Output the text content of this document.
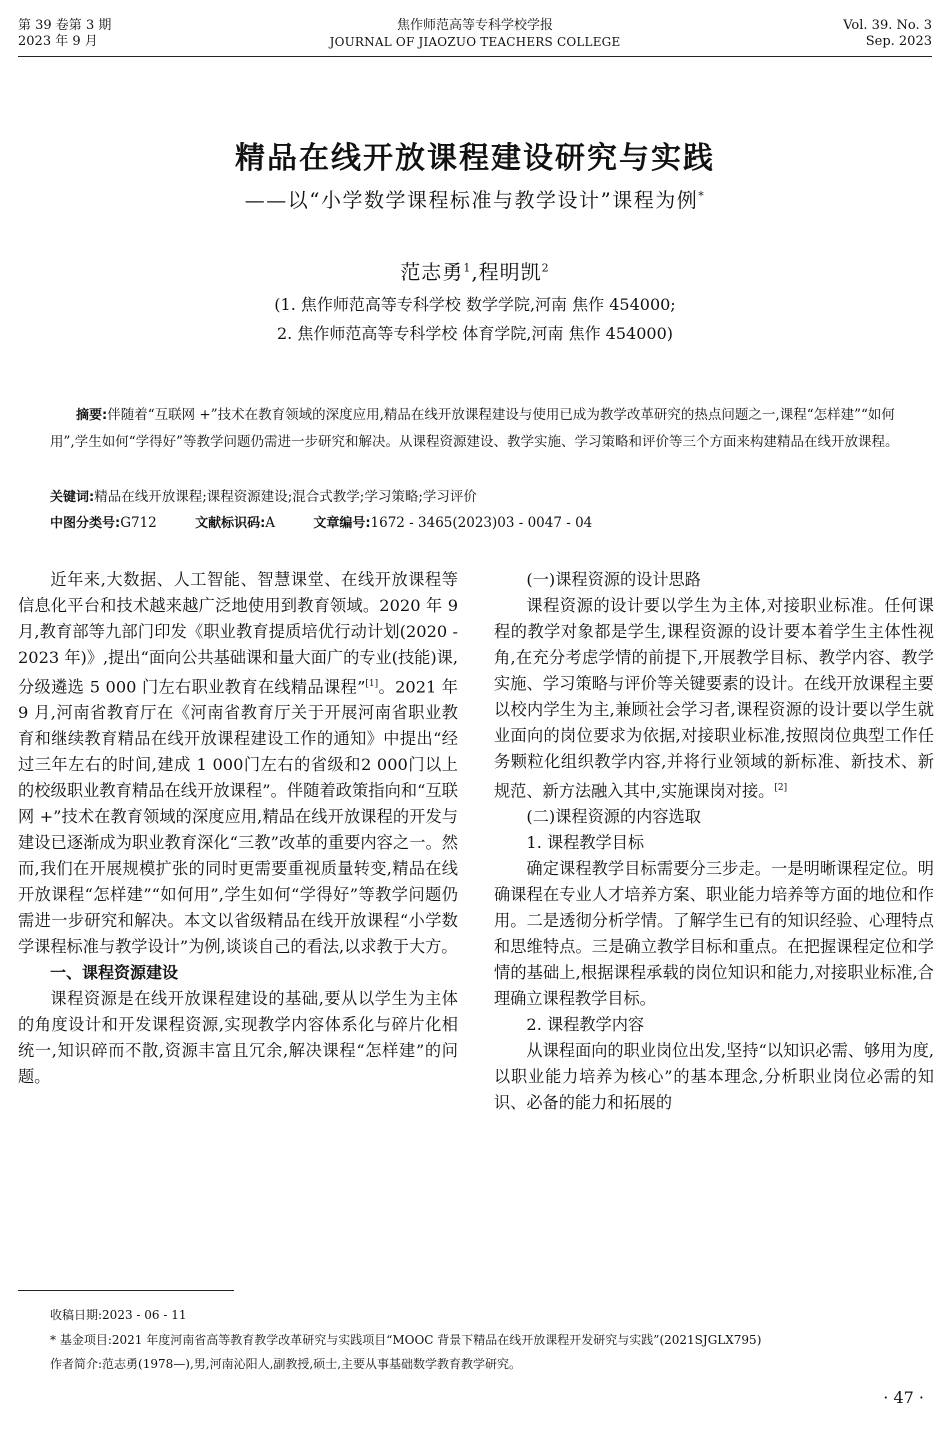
第 39 卷第 3 期
2023 年 9 月
焦作师范高等专科学校学报
JOURNAL OF JIAOZUO TEACHERS COLLEGE
Vol. 39. No. 3
Sep. 2023
精品在线开放课程建设研究与实践
——以“小学数学课程标准与教学设计”课程为例*
范志勇$^1$,程明凯$^2$
(1. 焦作师范高等专科学校 数学学院,河南 焦作 454000;
2. 焦作师范高等专科学校 体育学院,河南 焦作 454000)

摘要:伴随着“互联网 +”技术在教育领域的深度应用,精品在线开放课程建设与使用已成为教学改革研究的热点问题之一,课程“怎样建”“如何用”,学生如何“学得好”等教学问题仍需进一步研究和解决。从课程资源建设、教学实施、学习策略和评价等三个方面来构建精品在线开放课程。

关键词:精品在线开放课程;课程资源建设;混合式教学;学习策略;学习评价
中图分类号:G712	文献标识码:A	文章编号:1672 - 3465(2023)03 - 0047 - 04

近年来,大数据、人工智能、智慧课堂、在线开放课程等信息化平台和技术越来越广泛地使用到教育领域。2020 年 9 月,教育部等九部门印发《职业教育提质培优行动计划(2020 - 2023 年)》,提出“面向公共基础课和量大面广的专业(技能)课,分级遴选 5 000 门左右职业教育在线精品课程”[1]。2021 年 9 月,河南省教育厅在《河南省教育厅关于开展河南省职业教育和继续教育精品在线开放课程建设工作的通知》中提出“经过三年左右的时间,建成 1 000门左右的省级和2 000门以上的校级职业教育精品在线开放课程”。伴随着政策指向和“互联网 +”技术在教育领域的深度应用,精品在线开放课程的开发与建设已逐渐成为职业教育深化“三教”改革的重要内容之一。然而,我们在开展规模扩张的同时更需要重视质量转变,精品在线开放课程“怎样建”“如何用”,学生如何“学得好”等教学问题仍需进一步研究和解决。本文以省级精品在线开放课程“小学数学课程标准与教学设计”为例,谈谈自己的看法,以求教于大方。

一、课程资源建设

课程资源是在线开放课程建设的基础,要从以学生为主体的角度设计和开发课程资源,实现教学内容体系化与碎片化相统一,知识碎而不散,资源丰富且冗余,解决课程“怎样建”的问题。

(一)课程资源的设计思路

课程资源的设计要以学生为主体,对接职业标准。任何课程的教学对象都是学生,课程资源的设计要本着学生主体性视角,在充分考虑学情的前提下,开展教学目标、教学内容、教学实施、学习策略与评价等关键要素的设计。在线开放课程主要以校内学生为主,兼顾社会学习者,课程资源的设计要以学生就业面向的岗位要求为依据,对接职业标准,按照岗位典型工作任务颗粒化组织教学内容,并将行业领域的新标准、新技术、新规范、新方法融入其中,实施课岗对接。[2]

(二)课程资源的内容选取
1. 课程教学目标

确定课程教学目标需要分三步走。一是明晰课程定位。明确课程在专业人才培养方案、职业能力培养等方面的地位和作用。二是透彻分析学情。了解学生已有的知识经验、心理特点和思维特点。三是确立教学目标和重点。在把握课程定位和学情的基础上,根据课程承载的岗位知识和能力,对接职业标准,合理确立课程教学目标。

2. 课程教学内容

从课程面向的职业岗位出发,坚持“以知识必需、够用为度,以职业能力培养为核心”的基本理念,分析职业岗位必需的知识、必备的能力和拓展的

收稿日期:2023 - 06 - 11
* 基金项目:2021 年度河南省高等教育教学改革研究与实践项目“MOOC 背景下精品在线开放课程开发研究与实践”(2021SJGLX795)
作者简介:范志勇(1978—),男,河南沁阳人,副教授,硕士,主要从事基础数学教育教学研究。
· 47 ·
